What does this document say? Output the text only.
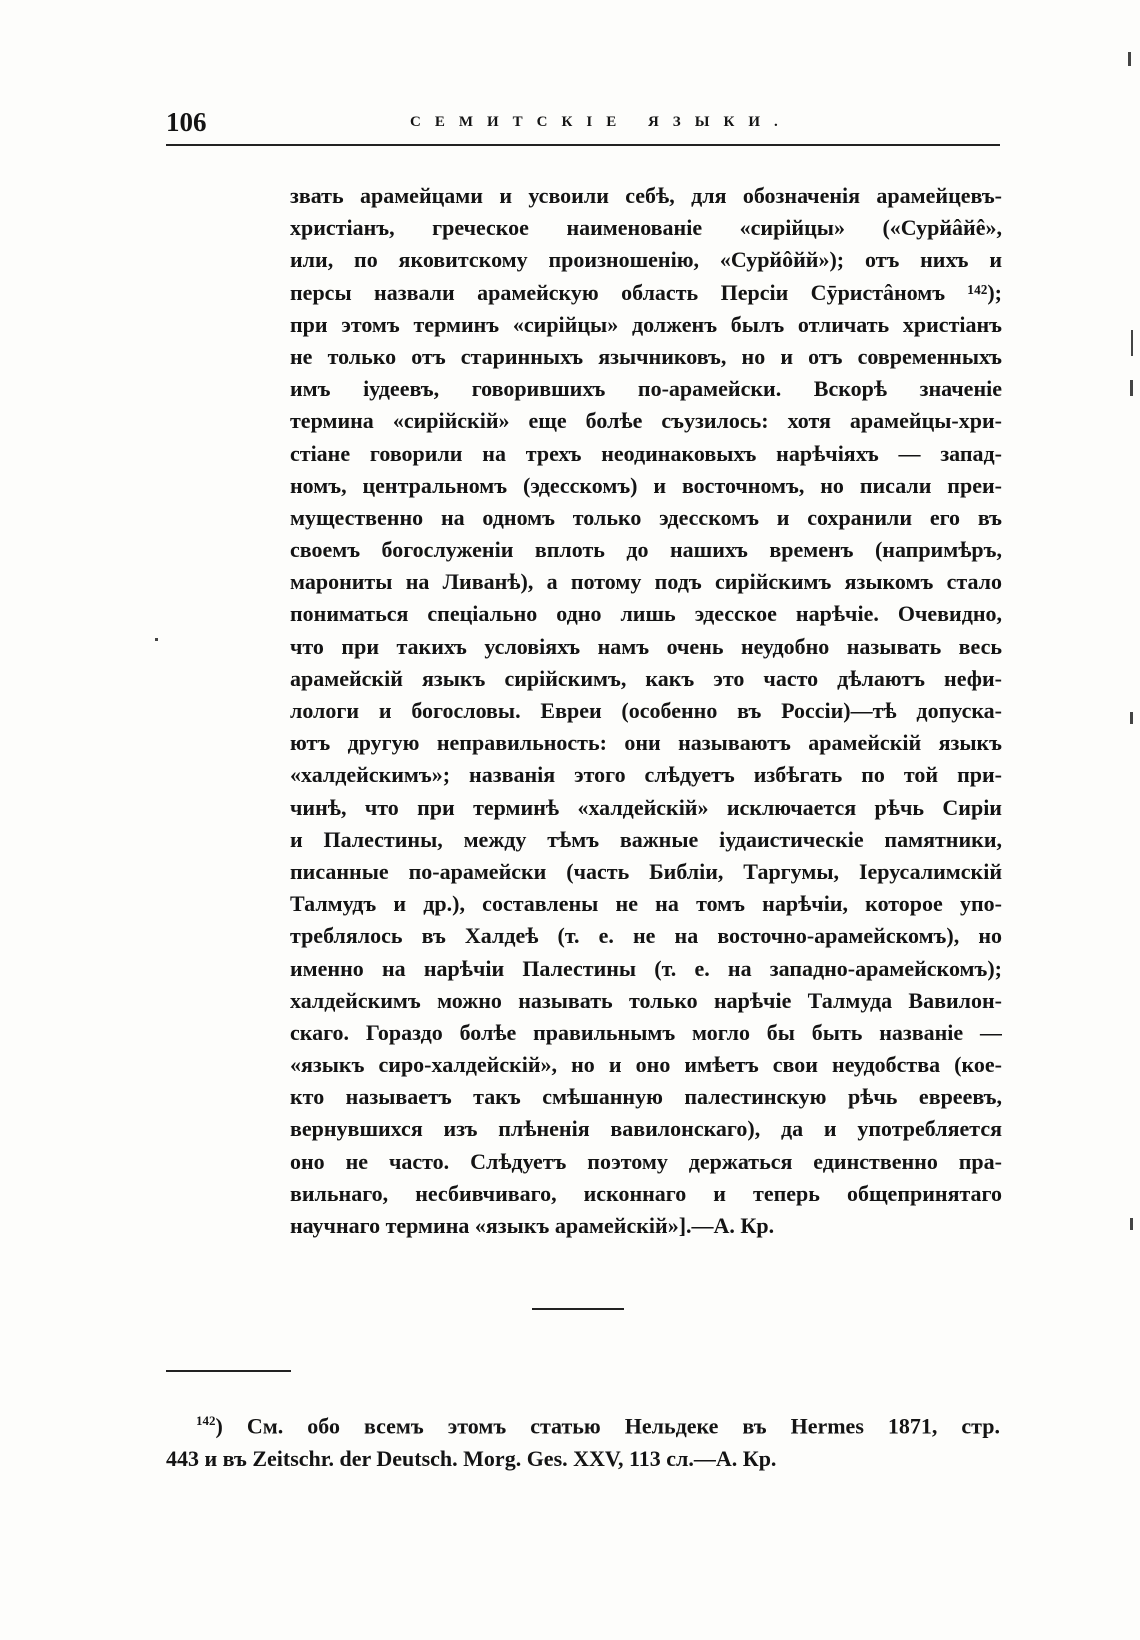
106	СЕМИТСКІЕ ЯЗЫКИ.
звать арамейцами и усвоили себѣ, для обозначенія арамейцевъ-
христіанъ, греческое наименованіе «сирійцы» («Сурйâйê»,
или, по яковитскому произношенію, «Сурйôйй»); отъ нихъ и
персы назвали арамейскую область Персіи Сӯристâномъ ¹⁴²);
при этомъ терминъ «сирійцы» долженъ былъ отличать христіанъ
не только отъ старинныхъ язычниковъ, но и отъ современныхъ
имъ іудеевъ, говорившихъ по-арамейски. Вскорѣ значеніе
термина «сирійскій» еще болѣе съузилось: хотя арамейцы-хри-
стіане говорили на трехъ неодинаковыхъ нарѣчіяхъ — запад-
номъ, центральномъ (эдесскомъ) и восточномъ, но писали преи-
мущественно на одномъ только эдесскомъ и сохранили его въ
своемъ богослуженіи вплоть до нашихъ временъ (напримѣръ,
марониты на Ливанѣ), а потому подъ сирійскимъ языкомъ стало
пониматься спеціально одно лишь эдесское нарѣчіе. Очевидно,
что при такихъ условіяхъ намъ очень неудобно называть весь
арамейскій языкъ сирійскимъ, какъ это часто дѣлаютъ нефи-
лологи и богословы. Евреи (особенно въ Россіи)—тѣ допуска-
ютъ другую неправильность: они называютъ арамейскій языкъ
«халдейскимъ»; названія этого слѣдуетъ избѣгать по той при-
чинѣ, что при терминѣ «халдейскій» исключается рѣчь Сиріи
и Палестины, между тѣмъ важные іудаистическіе памятники,
писанные по-арамейски (часть Библіи, Таргумы, Іерусалимскій
Талмудъ и др.), составлены не на томъ нарѣчіи, которое упо-
треблялось въ Халдеѣ (т. е. не на восточно-арамейскомъ), но
именно на нарѣчіи Палестины (т. е. на западно-арамейскомъ);
халдейскимъ можно называть только нарѣчіе Талмуда Вавилон-
скаго. Гораздо болѣе правильнымъ могло бы быть названіе —
«языкъ сиро-халдейскій», но и оно имѣетъ свои неудобства (кое-
кто называетъ такъ смѣшанную палестинскую рѣчь евреевъ,
вернувшихся изъ плѣненія вавилонскаго), да и употребляется
оно не часто. Слѣдуетъ поэтому держаться единственно пра-
вильнаго, несбивчиваго, исконнаго и теперь общепринятаго
научнаго термина «языкъ арамейскій»].—А. Кр.
$^{142}$) См. обо всемъ этомъ статью Нельдеке въ Hermes 1871, стр.
443 и въ Zeitschr. der Deutsch. Morg. Ges. XXV, 113 сл.—А. Кр.
